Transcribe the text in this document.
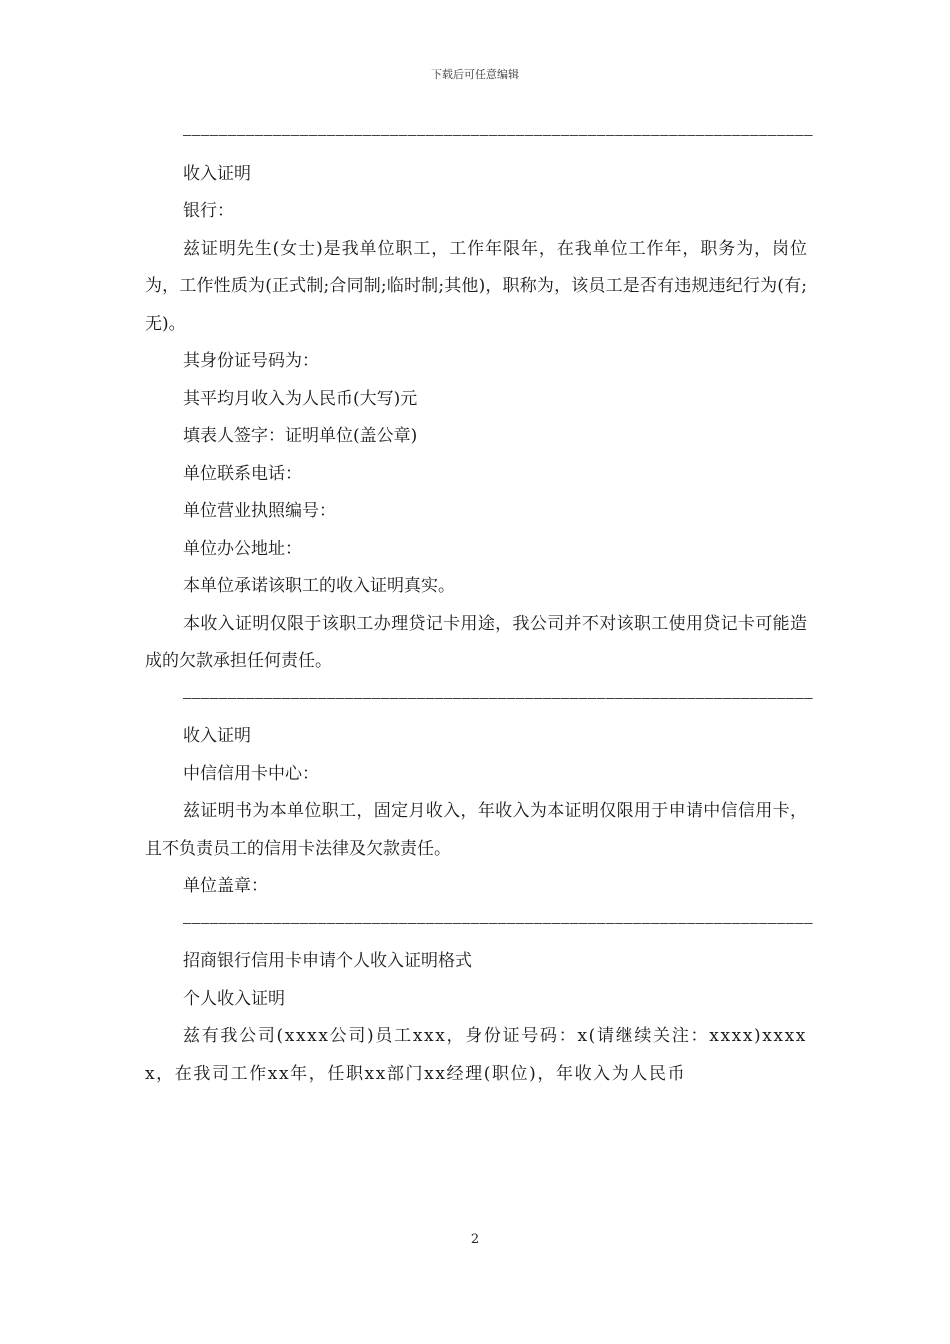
下载后可任意编辑

——————————————————————————————————————————————————————————————————————

收入证明

银行：

兹证明先生(女士)是我单位职工，工作年限年，在我单位工作年，职务为，岗位为，工作性质为(正式制;合同制;临时制;其他)，职称为，该员工是否有违规违纪行为(有;无)。

其身份证号码为：

其平均月收入为人民币(大写)元

填表人签字：证明单位(盖公章)

单位联系电话：

单位营业执照编号：

单位办公地址：

本单位承诺该职工的收入证明真实。

本收入证明仅限于该职工办理贷记卡用途，我公司并不对该职工使用贷记卡可能造成的欠款承担任何责任。

——————————————————————————————————————————————————————————————————————

收入证明

中信信用卡中心：

兹证明书为本单位职工，固定月收入，年收入为本证明仅限用于申请中信信用卡，且不负责员工的信用卡法律及欠款责任。

单位盖章：

——————————————————————————————————————————————————————————————————————

招商银行信用卡申请个人收入证明格式

个人收入证明

兹有我公司(xxxx公司)员工xxx，身份证号码：x(请继续关注：xxxx)xxxxx，在我司工作xx年，任职xx部门xx经理(职位)，年收入为人民币

2
